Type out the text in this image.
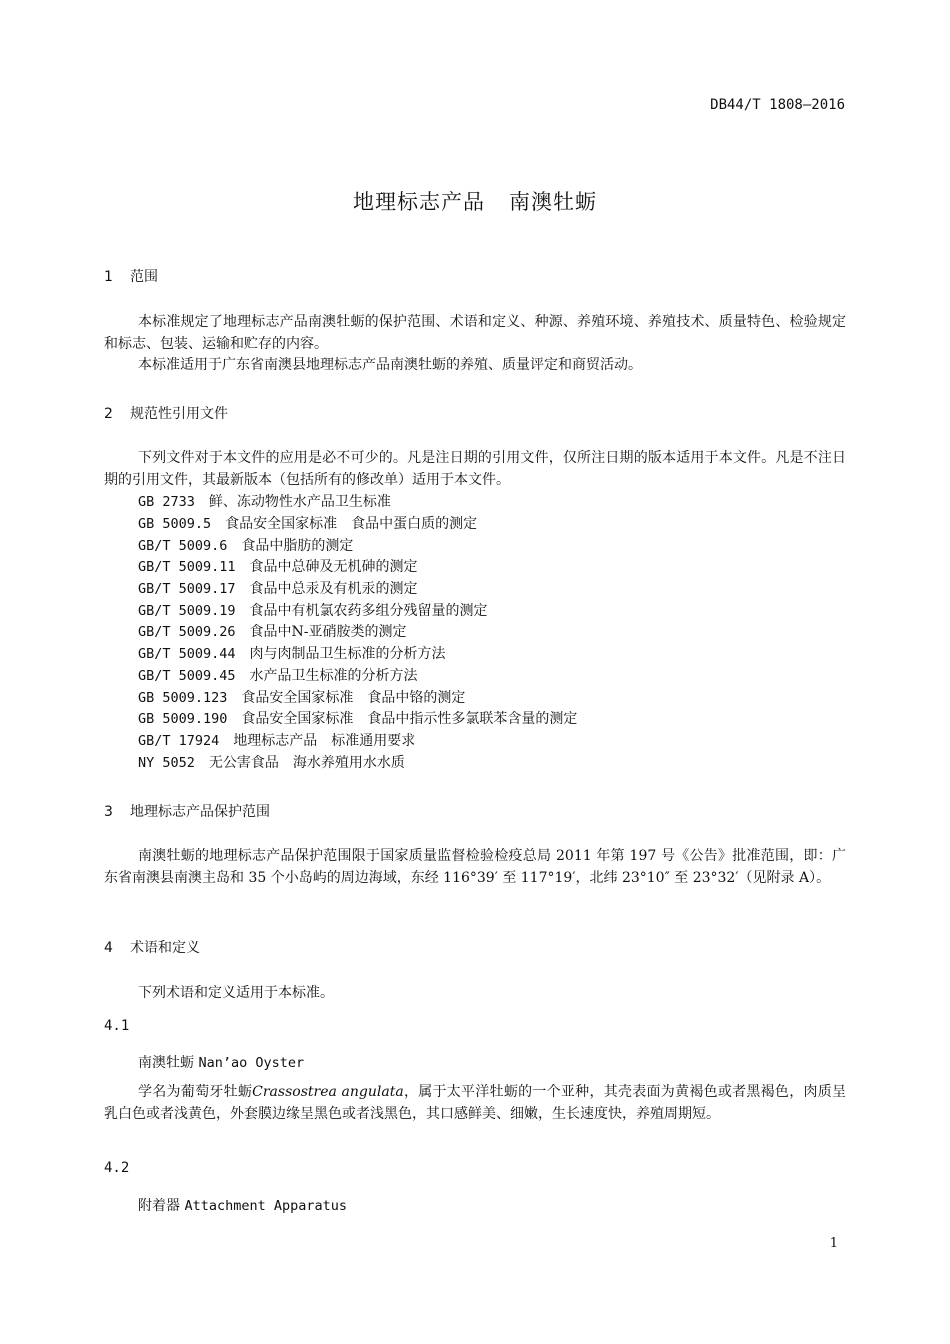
DB44/T 1808—2016
地理标志产品 南澳牡蛎
1 范围
本标准规定了地理标志产品南澳牡蛎的保护范围、术语和定义、种源、养殖环境、养殖技术、质量特色、检验规定和标志、包装、运输和贮存的内容。
本标准适用于广东省南澳县地理标志产品南澳牡蛎的养殖、质量评定和商贸活动。
2 规范性引用文件
下列文件对于本文件的应用是必不可少的。凡是注日期的引用文件，仅所注日期的版本适用于本文件。凡是不注日期的引用文件，其最新版本（包括所有的修改单）适用于本文件。
GB 2733 鲜、冻动物性水产品卫生标准
GB 5009.5 食品安全国家标准　食品中蛋白质的测定
GB/T 5009.6 食品中脂肪的测定
GB/T 5009.11 食品中总砷及无机砷的测定
GB/T 5009.17 食品中总汞及有机汞的测定
GB/T 5009.19 食品中有机氯农药多组分残留量的测定
GB/T 5009.26 食品中N-亚硝胺类的测定
GB/T 5009.44 肉与肉制品卫生标准的分析方法
GB/T 5009.45 水产品卫生标准的分析方法
GB 5009.123 食品安全国家标准　食品中铬的测定
GB 5009.190 食品安全国家标准　食品中指示性多氯联苯含量的测定
GB/T 17924 地理标志产品　标准通用要求
NY 5052 无公害食品　海水养殖用水水质
3 地理标志产品保护范围
南澳牡蛎的地理标志产品保护范围限于国家质量监督检验检疫总局 2011 年第 197 号《公告》批准范围，即：广东省南澳县南澳主岛和 35 个小岛屿的周边海域，东经 116°39′ 至 117°19′，北纬 23°10″ 至 23°32′（见附录 A）。
4 术语和定义
下列术语和定义适用于本标准。
4.1
南澳牡蛎 Nan’ao Oyster
学名为葡萄牙牡蛎Crassostrea angulata，属于太平洋牡蛎的一个亚种，其壳表面为黄褐色或者黑褐色，肉质呈乳白色或者浅黄色，外套膜边缘呈黑色或者浅黑色，其口感鲜美、细嫩，生长速度快，养殖周期短。
4.2
附着器 Attachment Apparatus
1
